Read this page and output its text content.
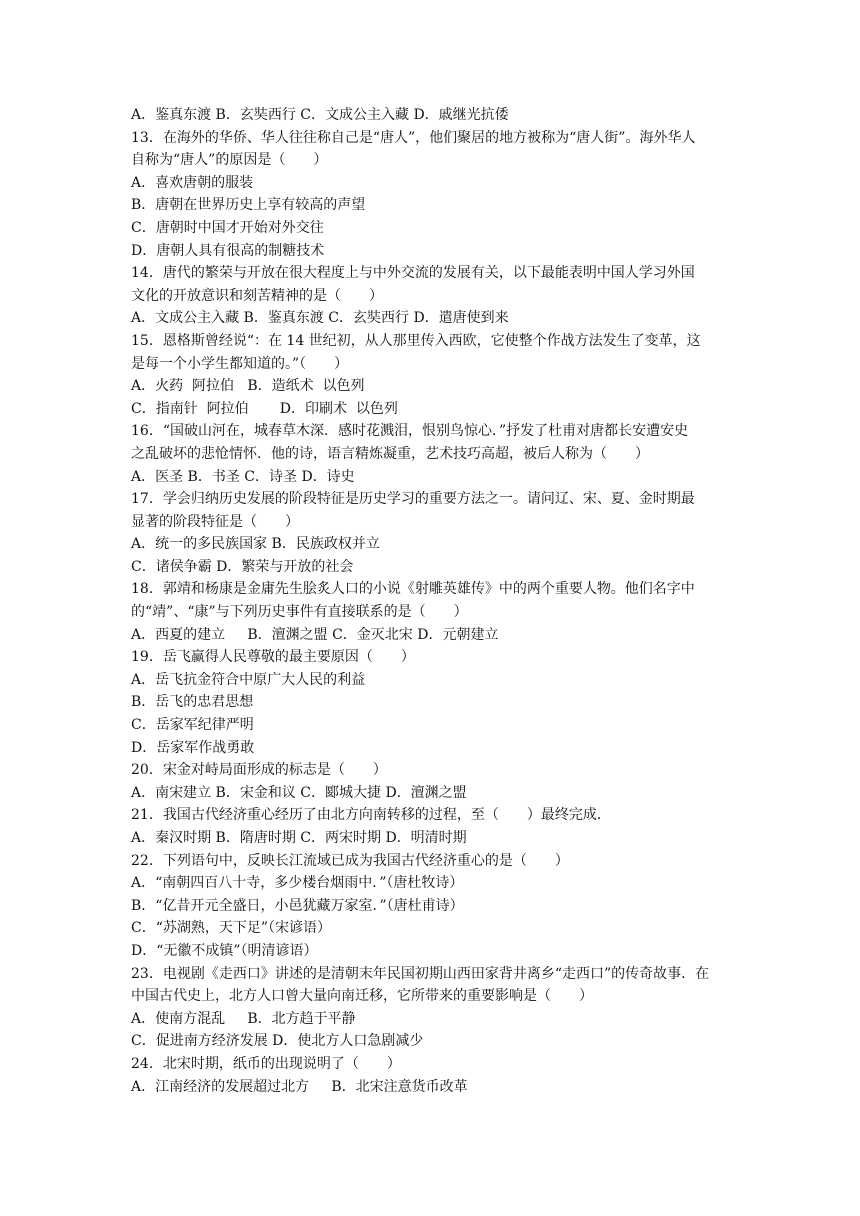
A．鉴真东渡 B．玄奘西行 C．文成公主入藏 D．戚继光抗倭
13．在海外的华侨、华人往往称自己是“唐人”，他们聚居的地方被称为“唐人街”。海外华人
自称为“唐人”的原因是（　　）
A．喜欢唐朝的服装
B．唐朝在世界历史上享有较高的声望
C．唐朝时中国才开始对外交往
D．唐朝人具有很高的制糖技术
14．唐代的繁荣与开放在很大程度上与中外交流的发展有关，以下最能表明中国人学习外国
文化的开放意识和刻苦精神的是（　　）
A．文成公主入藏 B．鉴真东渡 C．玄奘西行 D．遣唐使到来
15．恩格斯曾经说“：在 14 世纪初，从人那里传入西欧，它使整个作战方法发生了变革，这
是每一个小学生都知道的。”（　　）
A．火药  阿拉伯   B．造纸术  以色列
C．指南针  阿拉伯       D．印刷术  以色列
16．“国破山河在，城春草木深．感时花溅泪，恨别鸟惊心．”抒发了杜甫对唐都长安遭安史
之乱破坏的悲怆情怀．他的诗，语言精炼凝重，艺术技巧高超，被后人称为（　　）
A．医圣 B．书圣 C．诗圣 D．诗史
17．学会归纳历史发展的阶段特征是历史学习的重要方法之一。请问辽、宋、夏、金时期最
显著的阶段特征是（　　）
A．统一的多民族国家 B．民族政权并立
C．诸侯争霸 D．繁荣与开放的社会
18．郭靖和杨康是金庸先生脍炙人口的小说《射雕英雄传》中的两个重要人物。他们名字中
的“靖”、“康”与下列历史事件有直接联系的是（　　）
A．西夏的建立     B．澶渊之盟 C．金灭北宋 D．元朝建立
19．岳飞赢得人民尊敬的最主要原因（　　）
A．岳飞抗金符合中原广大人民的利益
B．岳飞的忠君思想
C．岳家军纪律严明
D．岳家军作战勇敢
20．宋金对峙局面形成的标志是（　　）
A．南宋建立 B．宋金和议 C．郾城大捷 D．澶渊之盟
21．我国古代经济重心经历了由北方向南转移的过程，至（　　）最终完成．
A．秦汉时期 B．隋唐时期 C．两宋时期 D．明清时期
22．下列语句中，反映长江流域已成为我国古代经济重心的是（　　）
A．“南朝四百八十寺，多少楼台烟雨中．”（唐杜牧诗）
B．“亿昔开元全盛日，小邑犹藏万家室．”（唐杜甫诗）
C．“苏湖熟，天下足”（宋谚语）
D．“无徽不成镇”（明清谚语）
23．电视剧《走西口》讲述的是清朝末年民国初期山西田家背井离乡“走西口”的传奇故事．在
中国古代史上，北方人口曾大量向南迁移，它所带来的重要影响是（　　）
A．使南方混乱     B．北方趋于平静
C．促进南方经济发展 D．使北方人口急剧减少
24．北宋时期，纸币的出现说明了（　　）
A．江南经济的发展超过北方     B．北宋注意货币改革
